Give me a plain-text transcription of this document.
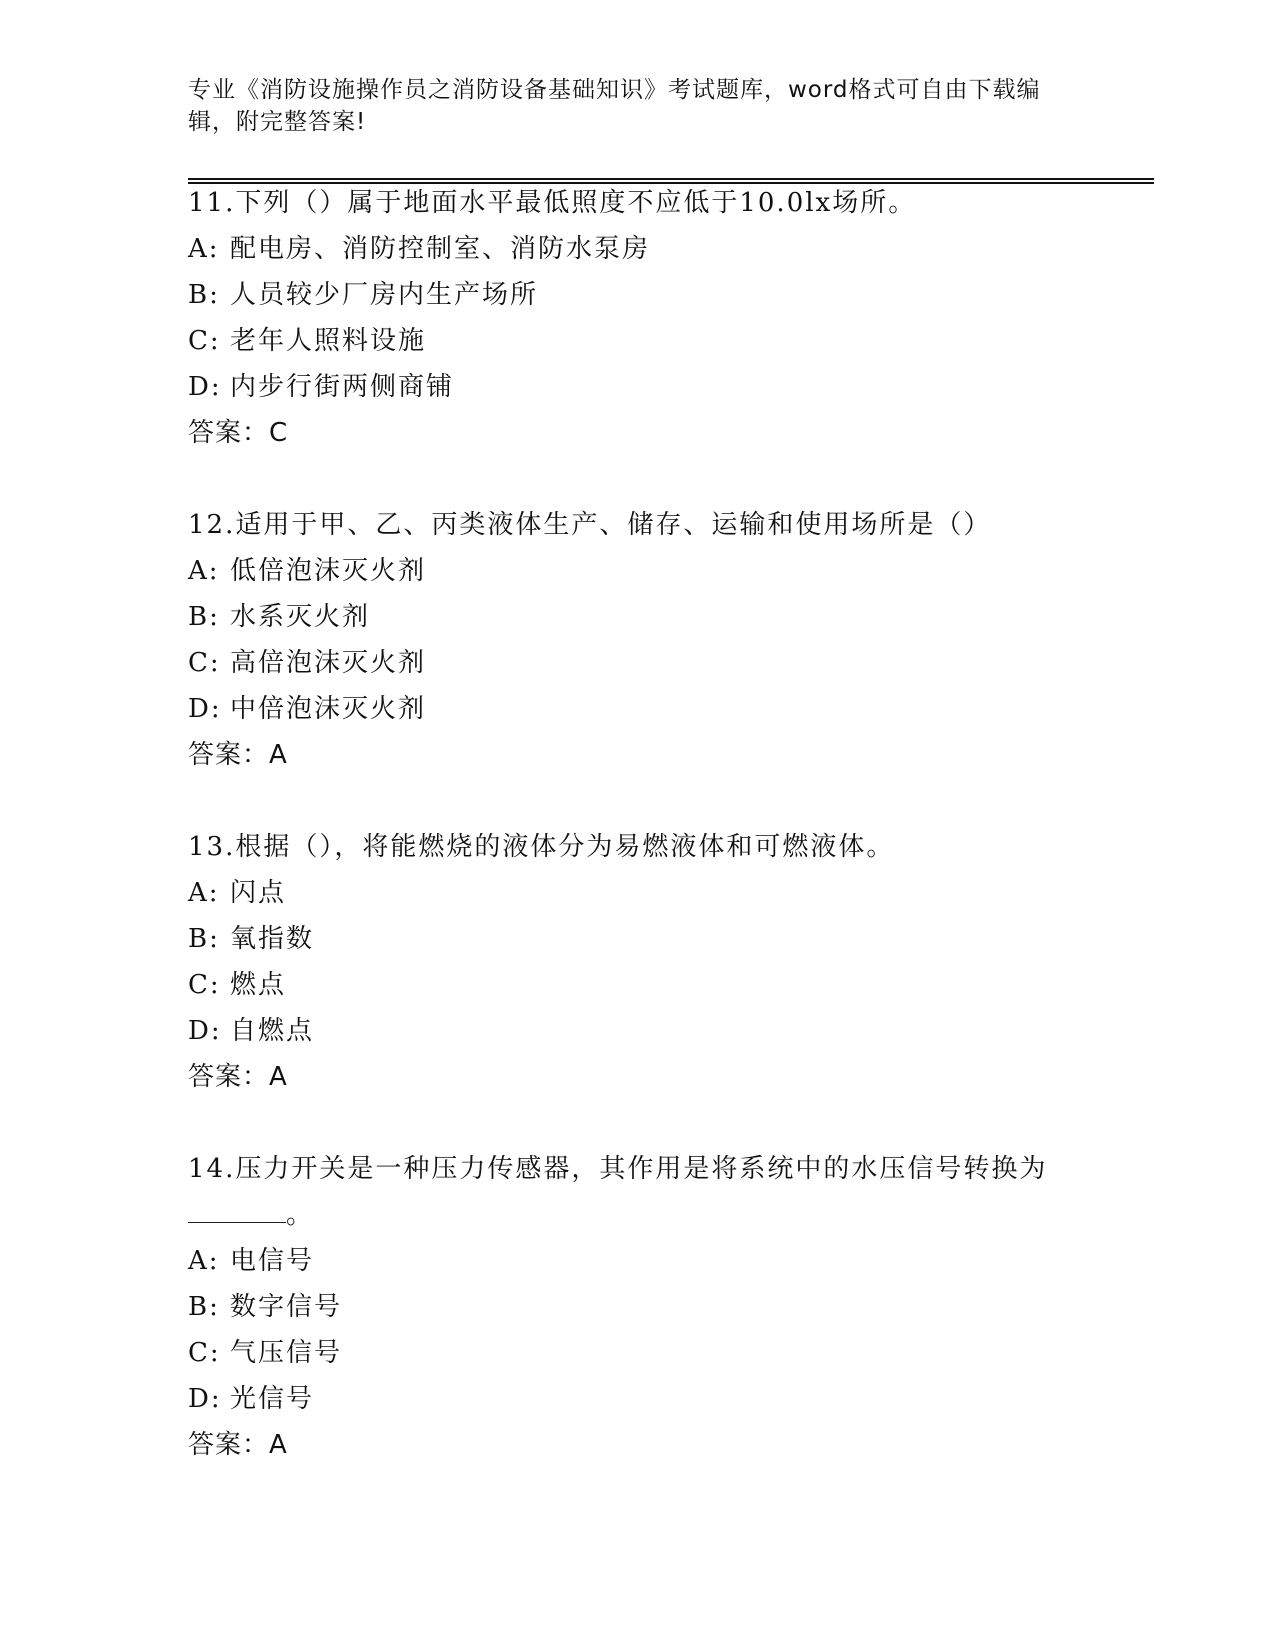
专业《消防设施操作员之消防设备基础知识》考试题库，word格式可自由下载编
辑，附完整答案!
11.下列（）属于地面水平最低照度不应低于10.0lx场所。
A: 配电房、消防控制室、消防水泵房
B: 人员较少厂房内生产场所
C: 老年人照料设施
D: 内步行街两侧商铺
答案：C
12.适用于甲、乙、丙类液体生产、储存、运输和使用场所是（）
A: 低倍泡沫灭火剂
B: 水系灭火剂
C: 高倍泡沫灭火剂
D: 中倍泡沫灭火剂
答案：A
13.根据（），将能燃烧的液体分为易燃液体和可燃液体。
A: 闪点
B: 氧指数
C: 燃点
D: 自燃点
答案：A
14.压力开关是一种压力传感器，其作用是将系统中的水压信号转换为
。
A: 电信号
B: 数字信号
C: 气压信号
D: 光信号
答案：A
